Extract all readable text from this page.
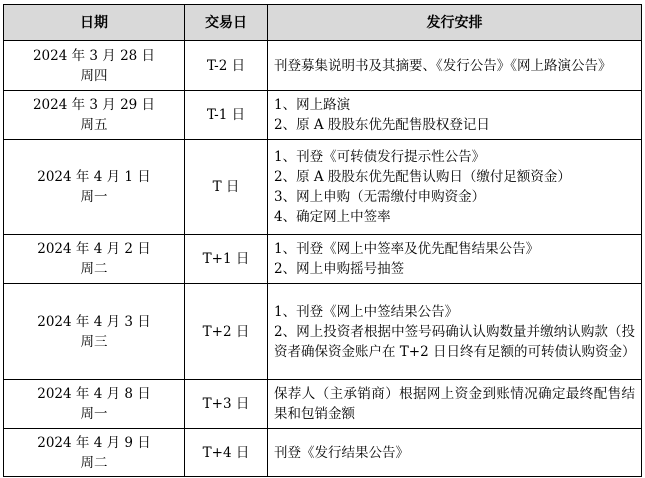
日期	交易日	发行安排

2024 年 3 月 28 日
周四	T-2 日	刊登募集说明书及其摘要、《发行公告》《网上路演公告》

2024 年 3 月 29 日
周五	T-1 日	1、网上路演
2、原 A 股股东优先配售股权登记日

2024 年 4 月 1 日
周一	T 日	1、刊登《可转债发行提示性公告》
2、原 A 股股东优先配售认购日（缴付足额资金）
3、网上申购（无需缴付申购资金）
4、确定网上中签率

2024 年 4 月 2 日
周二	T+1 日	1、刊登《网上中签率及优先配售结果公告》
2、网上申购摇号抽签

2024 年 4 月 3 日
周三	T+2 日	1、刊登《网上中签结果公告》
2、网上投资者根据中签号码确认认购数量并缴纳认购款（投资者确保资金账户在 T+2 日日终有足额的可转债认购资金）

2024 年 4 月 8 日
周一	T+3 日	保荐人（主承销商）根据网上资金到账情况确定最终配售结果和包销金额

2024 年 4 月 9 日
周二	T+4 日	刊登《发行结果公告》
